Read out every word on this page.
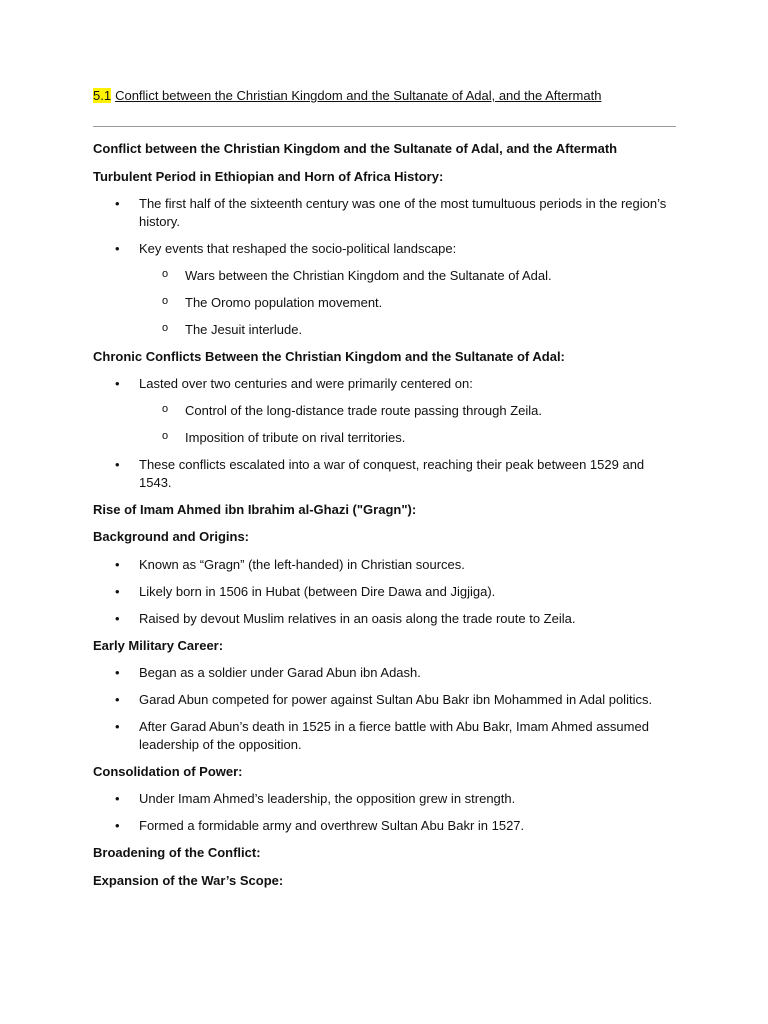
5.1 Conflict between the Christian Kingdom and the Sultanate of Adal, and the Aftermath
Conflict between the Christian Kingdom and the Sultanate of Adal, and the Aftermath
Turbulent Period in Ethiopian and Horn of Africa History:
• The first half of the sixteenth century was one of the most tumultuous periods in the region’s history.
• Key events that reshaped the socio-political landscape:
o Wars between the Christian Kingdom and the Sultanate of Adal.
o The Oromo population movement.
o The Jesuit interlude.
Chronic Conflicts Between the Christian Kingdom and the Sultanate of Adal:
• Lasted over two centuries and were primarily centered on:
o Control of the long-distance trade route passing through Zeila.
o Imposition of tribute on rival territories.
• These conflicts escalated into a war of conquest, reaching their peak between 1529 and 1543.
Rise of Imam Ahmed ibn Ibrahim al-Ghazi ("Gragn"):
Background and Origins:
• Known as “Gragn” (the left-handed) in Christian sources.
• Likely born in 1506 in Hubat (between Dire Dawa and Jigjiga).
• Raised by devout Muslim relatives in an oasis along the trade route to Zeila.
Early Military Career:
• Began as a soldier under Garad Abun ibn Adash.
• Garad Abun competed for power against Sultan Abu Bakr ibn Mohammed in Adal politics.
• After Garad Abun’s death in 1525 in a fierce battle with Abu Bakr, Imam Ahmed assumed leadership of the opposition.
Consolidation of Power:
• Under Imam Ahmed’s leadership, the opposition grew in strength.
• Formed a formidable army and overthrew Sultan Abu Bakr in 1527.
Broadening of the Conflict:
Expansion of the War’s Scope:
